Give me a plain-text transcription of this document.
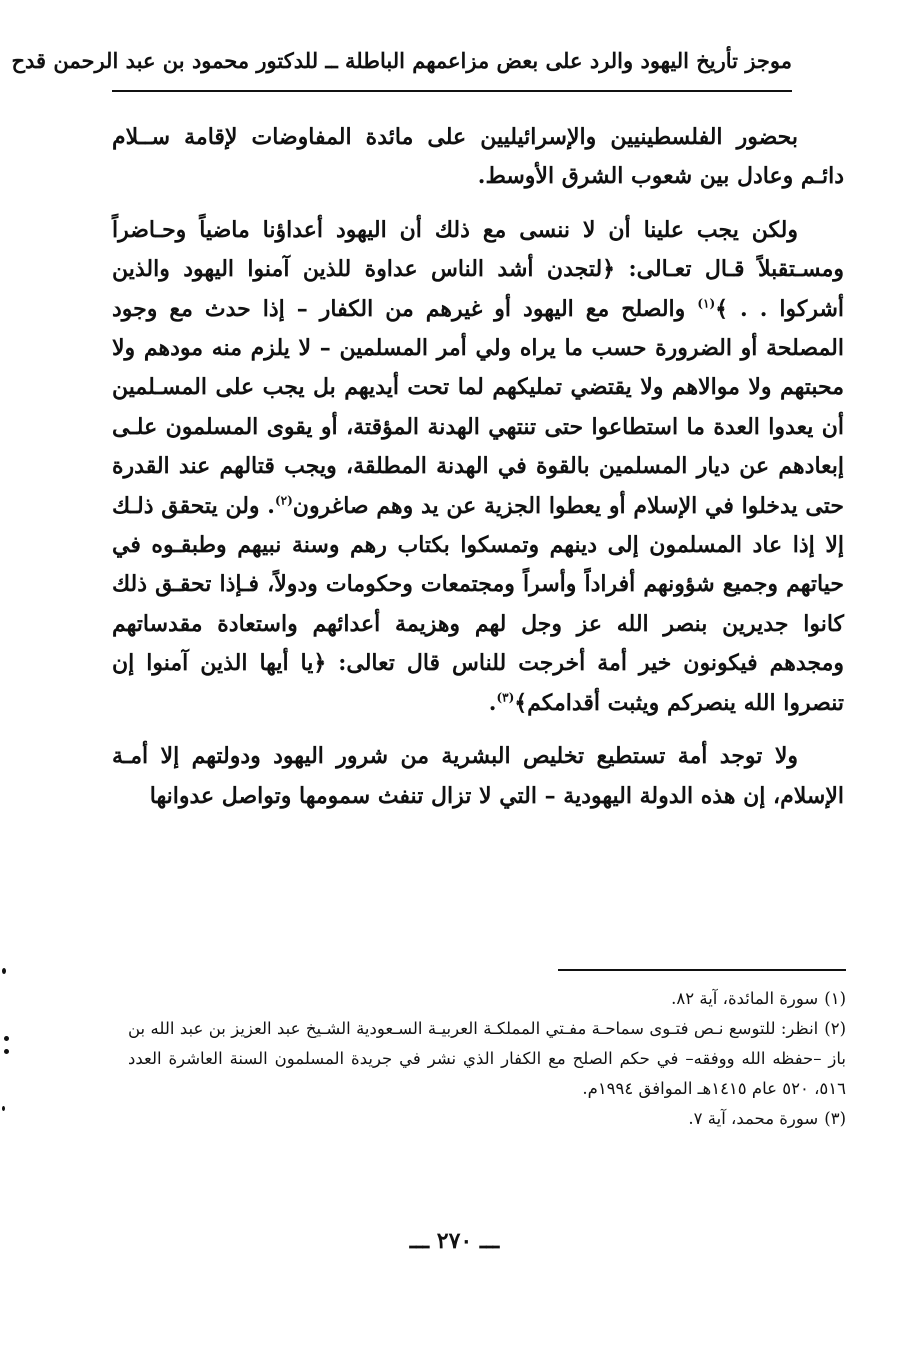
موجز تأريخ اليهود والرد على بعض مزاعمهم الباطلة ــ للدكتور محمود بن عبد الرحمن قدح

بحضور الفلسطينيين والإسرائيليين على مائدة المفاوضات لإقامة ســلام دائـم وعادل بين شعوب الشرق الأوسط.

ولكن يجب علينا أن لا ننسى مع ذلك أن اليهود أعداؤنا ماضياً وحـاضراً ومسـتقبلاً قـال تعـالى: ﴿لتجدن أشد الناس عداوة للذين آمنوا اليهود والذين أشركوا . . ﴾$^{(١)}$ والصلح مع اليهود أو غيرهم من الكفار – إذا حدث مع وجود المصلحة أو الضرورة حسب ما يراه ولي أمر المسلمين – لا يلزم منه مودهم ولا محبتهم ولا موالاهم ولا يقتضي تمليكهم لما تحت أيديهم بل يجب على المسـلمين أن يعدوا العدة ما استطاعوا حتى تنتهي الهدنة المؤقتة، أو يقوى المسلمون علـى إبعادهم عن ديار المسلمين بالقوة في الهدنة المطلقة، ويجب قتالهم عند القدرة حتى يدخلوا في الإسلام أو يعطوا الجزية عن يد وهم صاغرون$^{(٢)}$. ولن يتحقق ذلـك إلا إذا عاد المسلمون إلى دينهم وتمسكوا بكتاب رهم وسنة نبيهم وطبقـوه في حياتهم وجميع شؤونهم أفراداً وأسراً ومجتمعات وحكومات ودولاً، فـإذا تحقـق ذلك كانوا جديرين بنصر الله عز وجل لهم وهزيمة أعدائهم واستعادة مقدساتهم ومجدهم فيكونون خير أمة أخرجت للناس قال تعالى: ﴿يا أيها الذين آمنوا إن تنصروا الله ينصركم ويثبت أقدامكم﴾$^{(٣)}$.

ولا توجد أمة تستطيع تخليص البشرية من شرور اليهود ودولتهم إلا أمـة الإسلام، إن هذه الدولة اليهودية – التي لا تزال تنفث سمومها وتواصل عدوانها

(١)سورة المائدة، آية ٨٢.

(٢)انظر: للتوسع نـص فتـوى سماحـة مفـتي المملكـة العربيـة السـعودية الشـيخ عبد العزيز بن عبد الله بن باز –حفظه الله ووفقه– في حكم الصلح مع الكفار الذي نشر في جريدة المسلمون السنة العاشرة العدد ٥١٦، ٥٢٠ عام ١٤١٥هـ الموافق ١٩٩٤م.

(٣)سورة محمد، آية ٧.

ـــ ٢٧٠ ـــ
